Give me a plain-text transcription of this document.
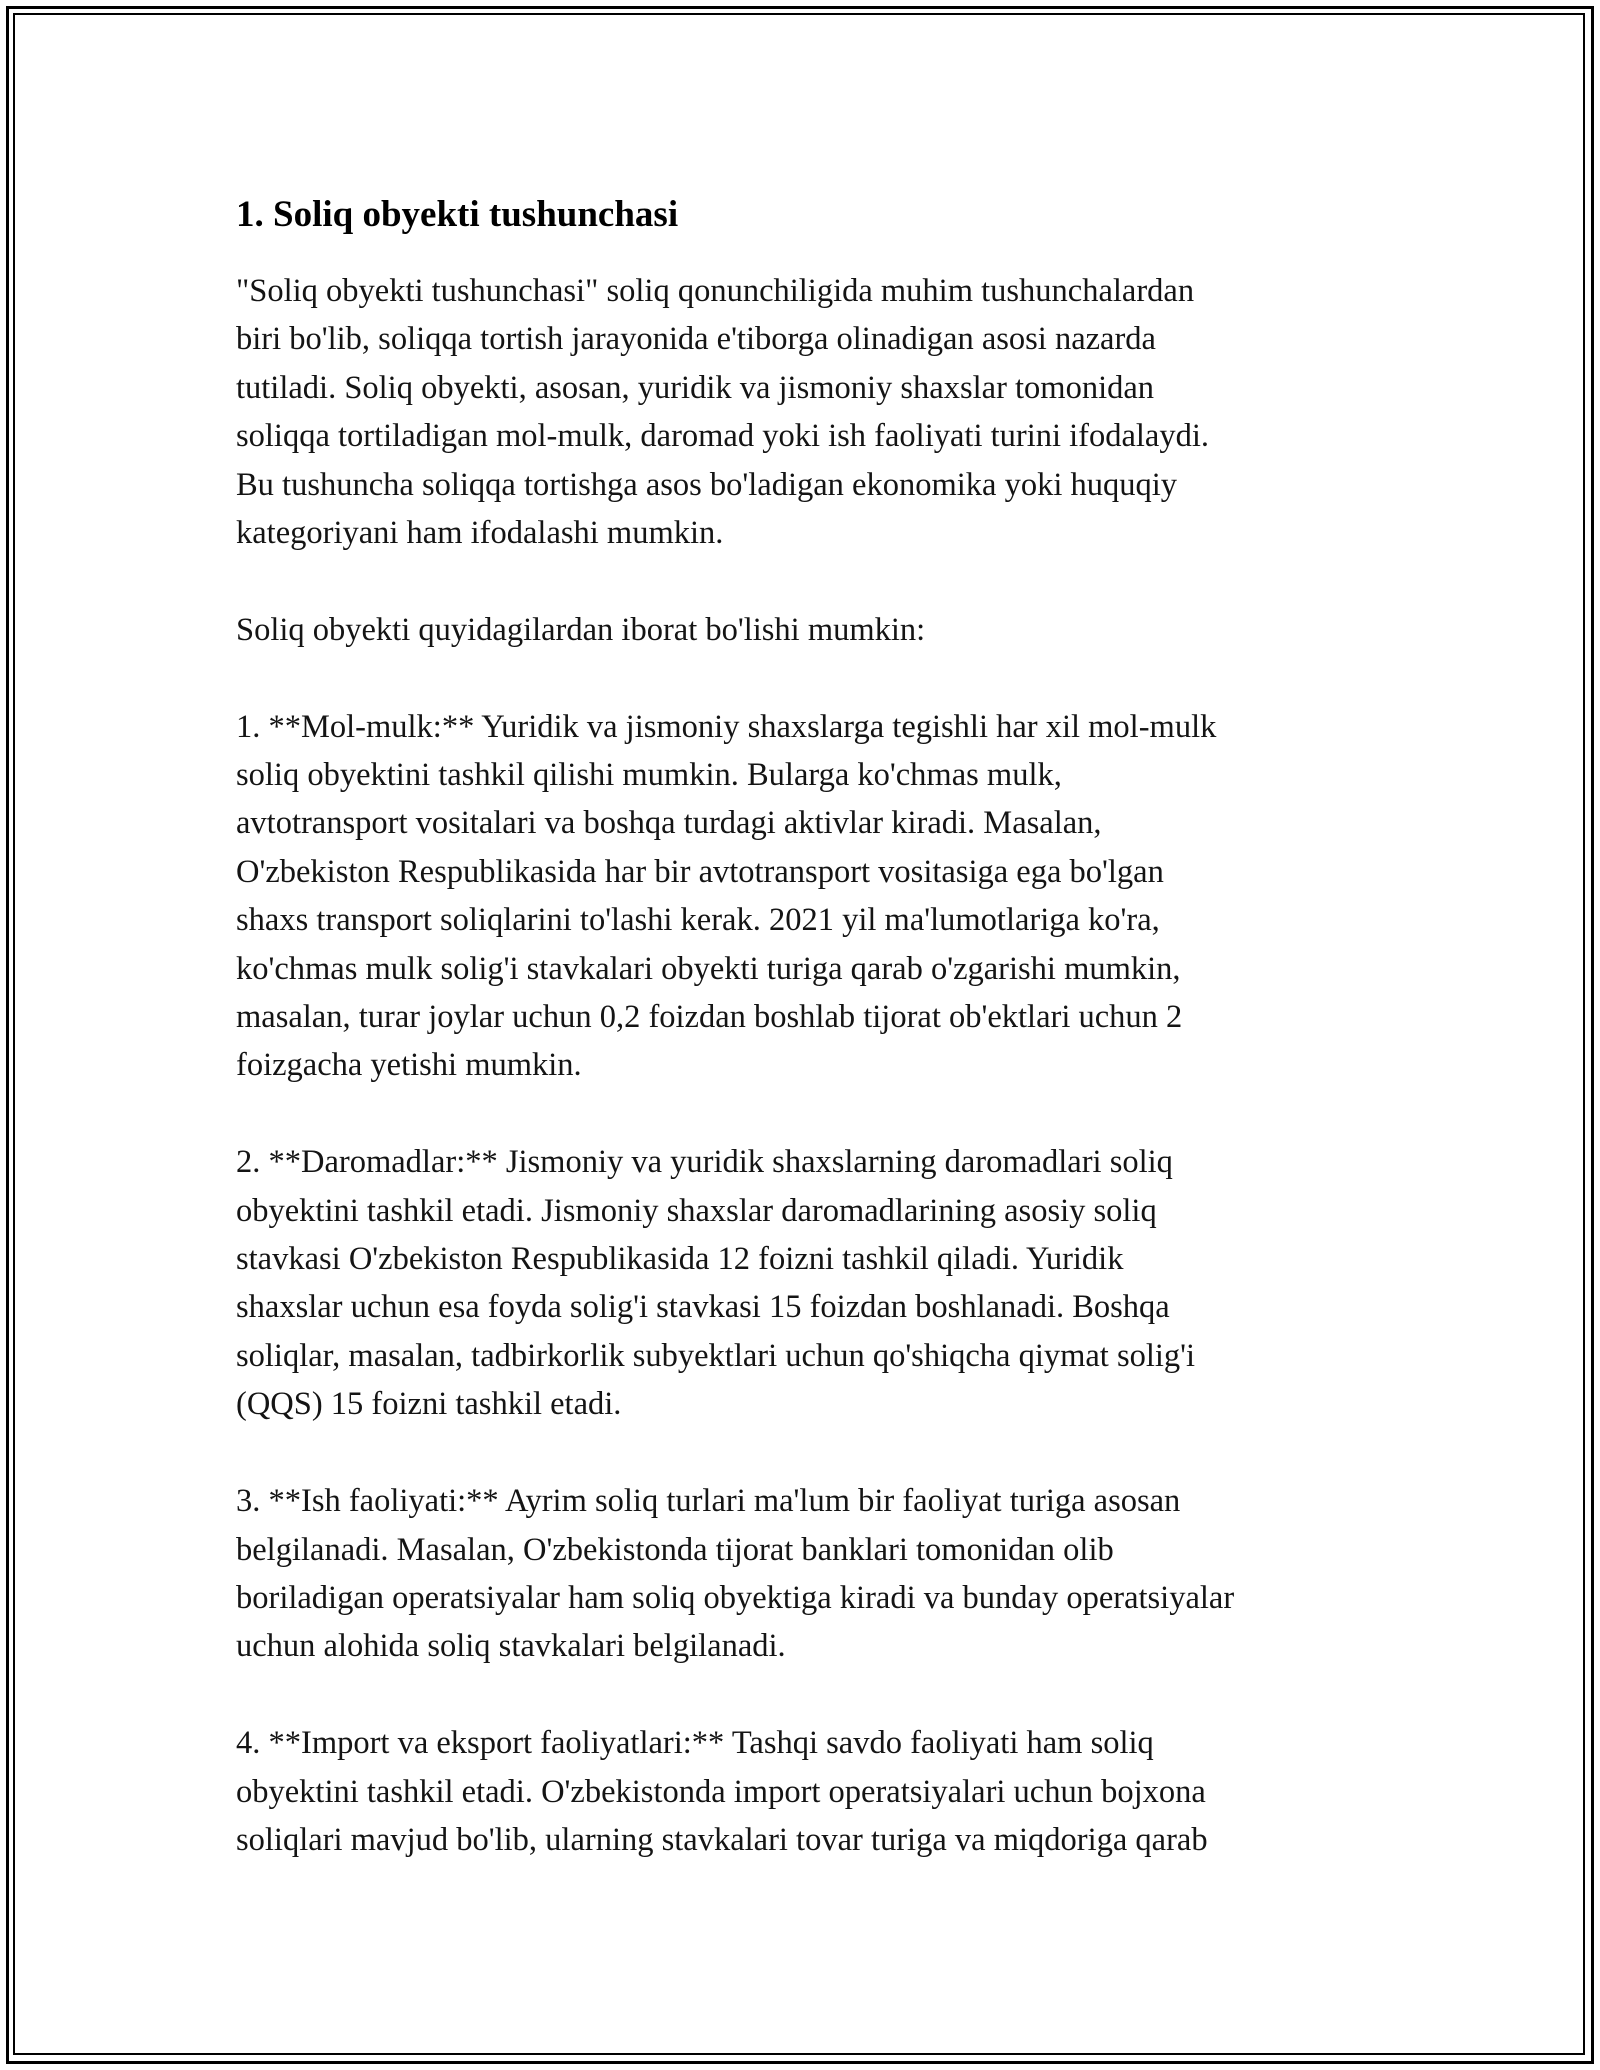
1. Soliq obyekti tushunchasi

"Soliq obyekti tushunchasi" soliq qonunchiligida muhim tushunchalardan
biri bo'lib, soliqqa tortish jarayonida e'tiborga olinadigan asosi nazarda
tutiladi. Soliq obyekti, asosan, yuridik va jismoniy shaxslar tomonidan
soliqqa tortiladigan mol-mulk, daromad yoki ish faoliyati turini ifodalaydi.
Bu tushuncha soliqqa tortishga asos bo'ladigan ekonomika yoki huquqiy
kategoriyani ham ifodalashi mumkin.

Soliq obyekti quyidagilardan iborat bo'lishi mumkin:

1. **Mol-mulk:** Yuridik va jismoniy shaxslarga tegishli har xil mol-mulk
soliq obyektini tashkil qilishi mumkin. Bularga ko'chmas mulk,
avtotransport vositalari va boshqa turdagi aktivlar kiradi. Masalan,
O'zbekiston Respublikasida har bir avtotransport vositasiga ega bo'lgan
shaxs transport soliqlarini to'lashi kerak. 2021 yil ma'lumotlariga ko'ra,
ko'chmas mulk solig'i stavkalari obyekti turiga qarab o'zgarishi mumkin,
masalan, turar joylar uchun 0,2 foizdan boshlab tijorat ob'ektlari uchun 2
foizgacha yetishi mumkin.

2. **Daromadlar:** Jismoniy va yuridik shaxslarning daromadlari soliq
obyektini tashkil etadi. Jismoniy shaxslar daromadlarining asosiy soliq
stavkasi O'zbekiston Respublikasida 12 foizni tashkil qiladi. Yuridik
shaxslar uchun esa foyda solig'i stavkasi 15 foizdan boshlanadi. Boshqa
soliqlar, masalan, tadbirkorlik subyektlari uchun qo'shiqcha qiymat solig'i
(QQS) 15 foizni tashkil etadi.

3. **Ish faoliyati:** Ayrim soliq turlari ma'lum bir faoliyat turiga asosan
belgilanadi. Masalan, O'zbekistonda tijorat banklari tomonidan olib
boriladigan operatsiyalar ham soliq obyektiga kiradi va bunday operatsiyalar
uchun alohida soliq stavkalari belgilanadi.

4. **Import va eksport faoliyatlari:** Tashqi savdo faoliyati ham soliq
obyektini tashkil etadi. O'zbekistonda import operatsiyalari uchun bojxona
soliqlari mavjud bo'lib, ularning stavkalari tovar turiga va miqdoriga qarab
